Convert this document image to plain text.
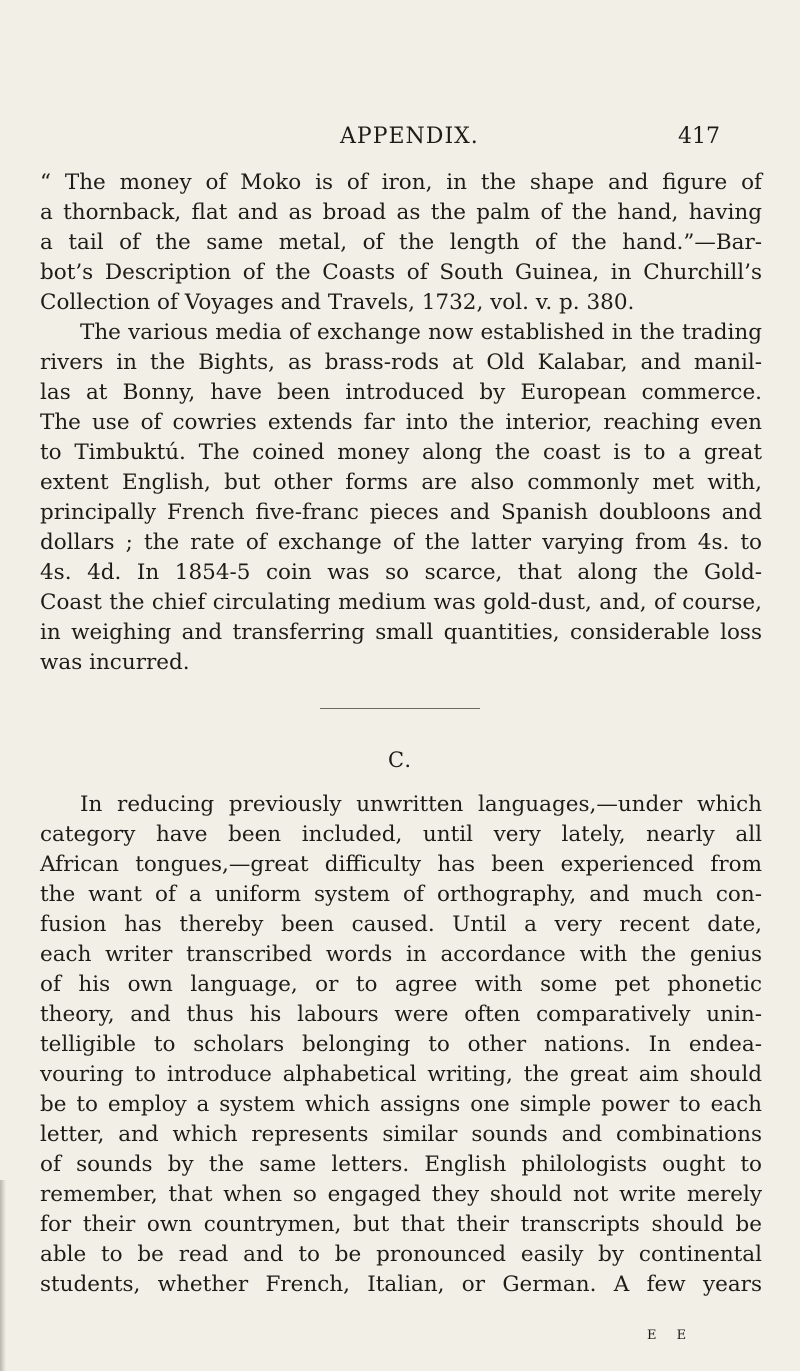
APPENDIX.	417
“ The money of Moko is of iron, in the shape and figure of
a thornback, flat and as broad as the palm of the hand, having
a tail of the same metal, of the length of the hand.”—Bar-
bot’s Description of the Coasts of South Guinea, in Churchill’s
Collection of Voyages and Travels, 1732, vol. v. p. 380.
The various media of exchange now established in the trading
rivers in the Bights, as brass-rods at Old Kalabar, and manil-
las at Bonny, have been introduced by European commerce.
The use of cowries extends far into the interior, reaching even
to Timbuktú. The coined money along the coast is to a great
extent English, but other forms are also commonly met with,
principally French five-franc pieces and Spanish doubloons and
dollars ; the rate of exchange of the latter varying from 4s. to
4s. 4d. In 1854-5 coin was so scarce, that along the Gold-
Coast the chief circulating medium was gold-dust, and, of course,
in weighing and transferring small quantities, considerable loss
was incurred.
C.
In reducing previously unwritten languages,—under which
category have been included, until very lately, nearly all
African tongues,—great difficulty has been experienced from
the want of a uniform system of orthography, and much con-
fusion has thereby been caused. Until a very recent date,
each writer transcribed words in accordance with the genius
of his own language, or to agree with some pet phonetic
theory, and thus his labours were often comparatively unin-
telligible to scholars belonging to other nations. In endea-
vouring to introduce alphabetical writing, the great aim should
be to employ a system which assigns one simple power to each
letter, and which represents similar sounds and combinations
of sounds by the same letters. English philologists ought to
remember, that when so engaged they should not write merely
for their own countrymen, but that their transcripts should be
able to be read and to be pronounced easily by continental
students, whether French, Italian, or German. A few years
E E
